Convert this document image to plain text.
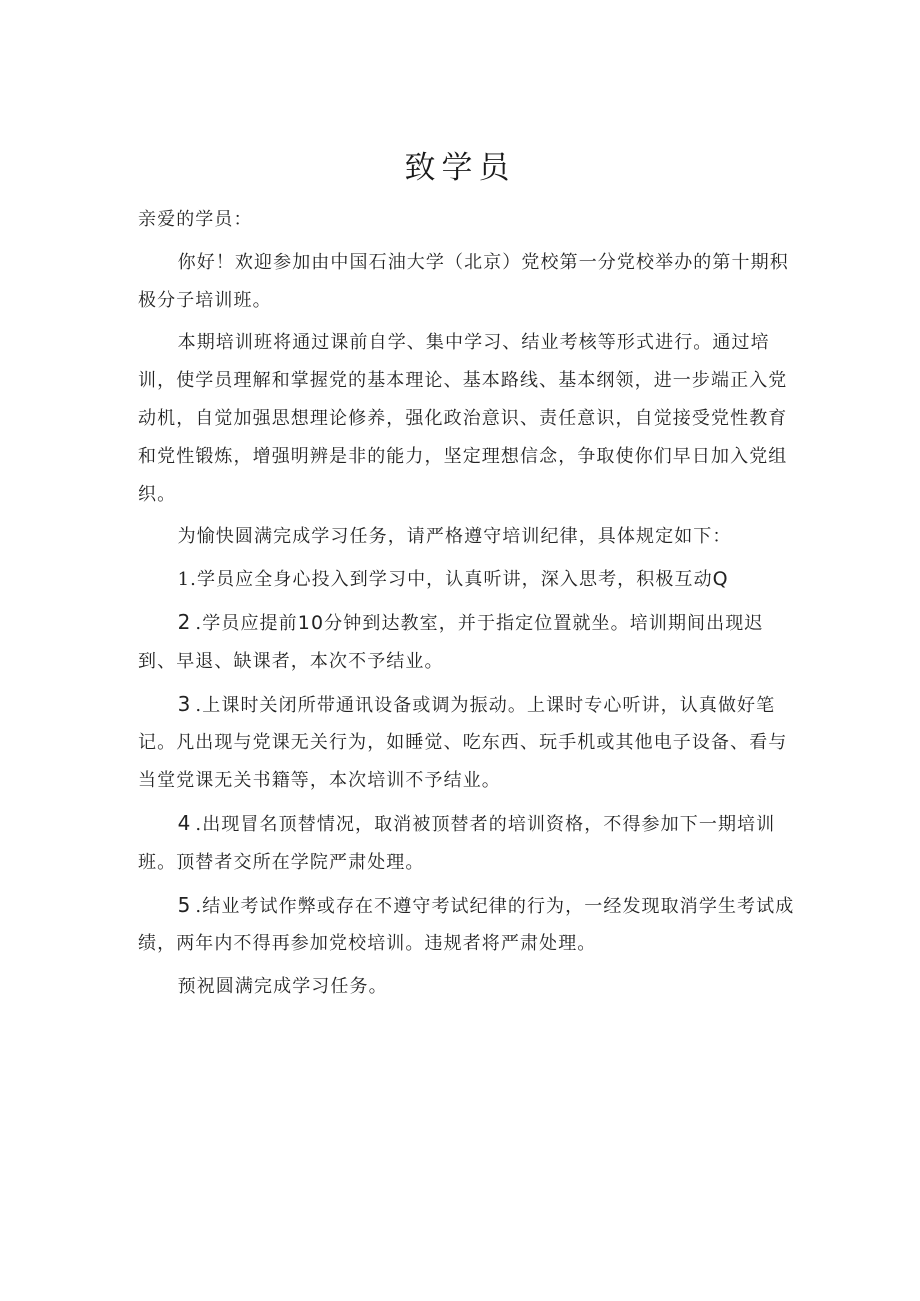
致学员

亲爱的学员：

你好！欢迎参加由中国石油大学（北京）党校第一分党校举办的第十期积极分子培训班。

本期培训班将通过课前自学、集中学习、结业考核等形式进行。通过培训，使学员理解和掌握党的基本理论、基本路线、基本纲领，进一步端正入党动机，自觉加强思想理论修养，强化政治意识、责任意识，自觉接受党性教育和党性锻炼，增强明辨是非的能力，坚定理想信念，争取使你们早日加入党组织。

为愉快圆满完成学习任务，请严格遵守培训纪律，具体规定如下：

1.学员应全身心投入到学习中，认真听讲，深入思考，积极互动Q

2 .学员应提前10分钟到达教室，并于指定位置就坐。培训期间出现迟到、早退、缺课者，本次不予结业。

3 .上课时关闭所带通讯设备或调为振动。上课时专心听讲，认真做好笔记。凡出现与党课无关行为，如睡觉、吃东西、玩手机或其他电子设备、看与当堂党课无关书籍等，本次培训不予结业。

4 .出现冒名顶替情况，取消被顶替者的培训资格，不得参加下一期培训班。顶替者交所在学院严肃处理。

5 .结业考试作弊或存在不遵守考试纪律的行为，一经发现取消学生考试成绩，两年内不得再参加党校培训。违规者将严肃处理。

预祝圆满完成学习任务。
